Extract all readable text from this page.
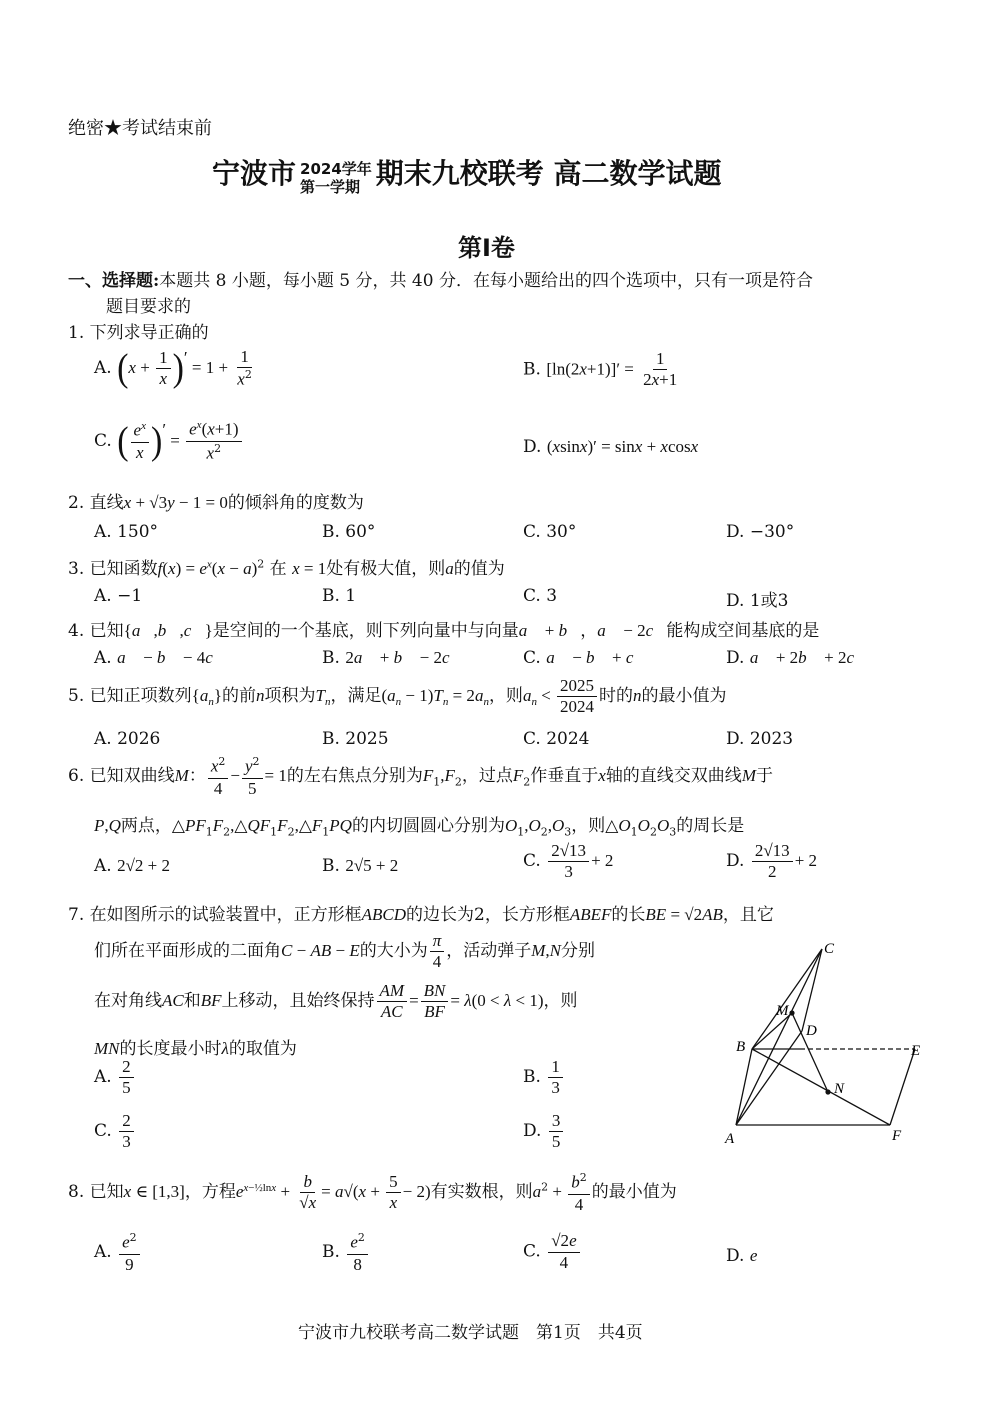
绝密★考试结束前
宁波市 2024学年
第一学期 期末九校联考 高二数学试题
第Ⅰ卷
一、选择题:本题共 8 小题，每小题 5 分，共 40 分．在每小题给出的四个选项中，只有一项是符合
题目要求的
1. 下列求导正确的
A. ($x + \frac{1}{x}$ )′ = $1 + \frac{1}{x^2}$	B. $[\ln(2x+1)]' = \frac{1}{2x+1}$
C. ( $\frac{e^x}{x}$ )′ = $\frac{e^x(x+1)}{x^2}$	D. (xsinx)′ = sinx + xcosx
2. 直线x + √3y − 1 = 0的倾斜角的度数为
A. 150°	B. 60°	C. 30°	D. −30°
3. 已知函数$f(x) = e^x(x - a)^2$ 在 x = 1处有极大值，则a的值为
A. −1	B. 1	C. 3	D. 1或3
4. 已知{a⃗,b⃗,c⃗}是空间的一个基底，则下列向量中与向量a⃗ + b⃗，a⃗ − 2c⃗能构成空间基底的是
A. a⃗ − b⃗ − 4c⃗	B. 2a⃗ + b⃗ − 2c⃗	C. a⃗ − b⃗ + c⃗	D. a⃗ + 2b⃗ + 2c⃗
5. 已知正项数列$\{a_n\}$的前n项积为$T_n$，满足$(a_n - 1)T_n = 2a_n$，则$a_n < \frac{2025}{2024}$ 时的n的最小值为
A. 2026	B. 2025	C. 2024	D. 2023
6. 已知双曲线M： $\frac{x^2}{4} - \frac{y^2}{5} = 1$的左右焦点分别为$F_1,F_2$，过点$F_2$作垂直于x轴的直线交双曲线M于
P,Q两点，$\triangle PF_1F_2,\triangle QF_1F_2,\triangle F_1PQ$的内切圆圆心分别为$O_1,O_2,O_3$，则$\triangle O_1O_2O_3$的周长是
A. 2√2 + 2	B. 2√5 + 2	C. $\frac{2√13}{3} + 2$	D. $\frac{2√13}{2} + 2$
7. 在如图所示的试验装置中，正方形框ABCD的边长为2，长方形框ABEF的长BE = √2AB，且它
们所在平面形成的二面角C − AB − E的大小为 $\frac{\pi}{4}$ ，活动弹子M,N分别
在对角线AC和BF上移动，且始终保持 $\frac{AM}{AC} = \frac{BN}{BF} = \lambda(0 < \lambda < 1)$，则
MN的长度最小时λ的取值为
A. $\frac{2}{5}$	B. $\frac{1}{3}$
C. $\frac{2}{3}$	D. $\frac{3}{5}$
C
M
D
B	E
N
A	F
8. 已知x ∈ [1,3]，方程$e^{x-\frac{1}{2}lnx} + \frac{b}{√x} = a√(x + \frac{5}{x} - 2)$有实数根，则$a^2 + \frac{b^2}{4}$ 的最小值为
A. $\frac{e^2}{9}$	B. $\frac{e^2}{8}$	C. $\frac{√2e}{4}$	D. e
宁波市九校联考高二数学试题　第1页　共4页
